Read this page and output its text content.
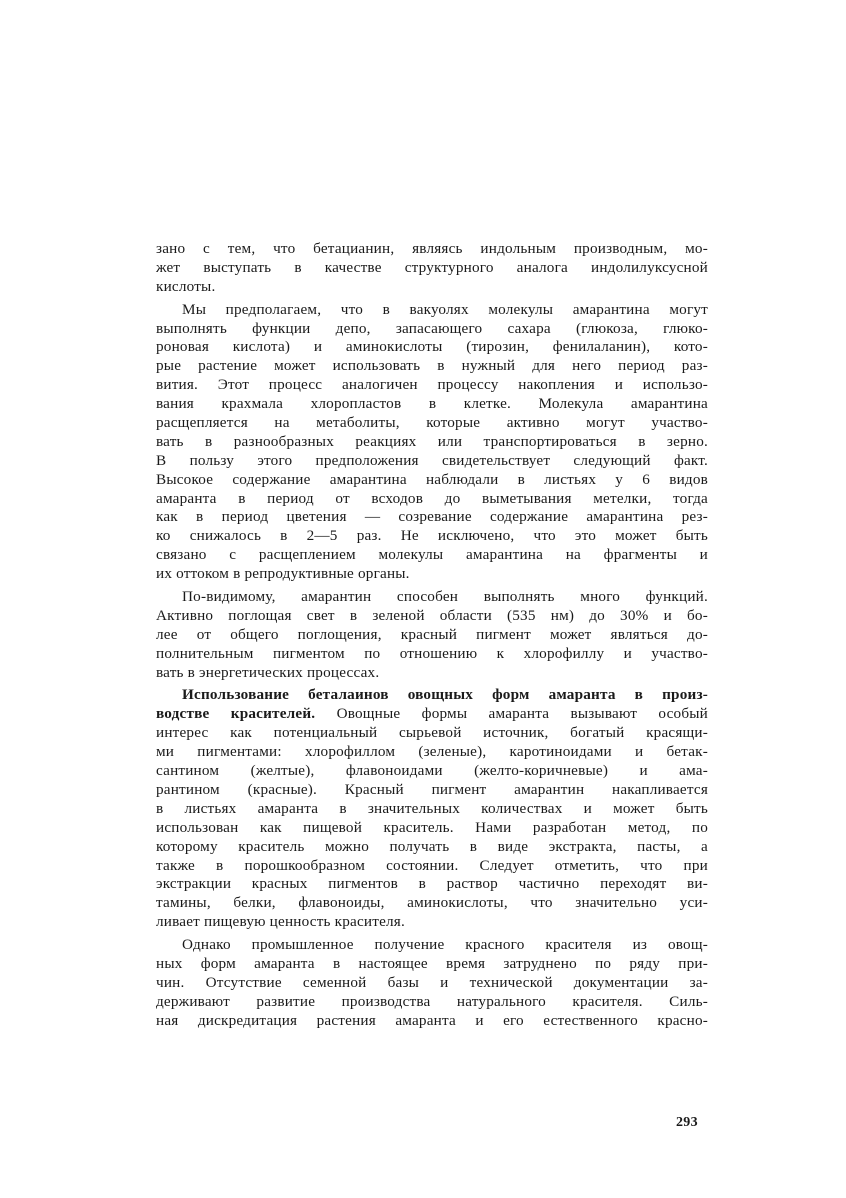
зано с тем, что бетацианин, являясь индольным производным, мо-
жет выступать в качестве структурного аналога индолилуксусной
кислоты.
Мы предполагаем, что в вакуолях молекулы амарантина могут
выполнять функции депо, запасающего сахара (глюкоза, глюко-
роновая кислота) и аминокислоты (тирозин, фенилаланин), кото-
рые растение может использовать в нужный для него период раз-
вития. Этот процесс аналогичен процессу накопления и использо-
вания крахмала хлоропластов в клетке. Молекула амарантина
расщепляется на метаболиты, которые активно могут участво-
вать в разнообразных реакциях или транспортироваться в зерно.
В пользу этого предположения свидетельствует следующий факт.
Высокое содержание амарантина наблюдали в листьях у 6 видов
амаранта в период от всходов до выметывания метелки, тогда
как в период цветения — созревание содержание амарантина рез-
ко снижалось в 2—5 раз. Не исключено, что это может быть
связано с расщеплением молекулы амарантина на фрагменты и
их оттоком в репродуктивные органы.
По-видимому, амарантин способен выполнять много функций.
Активно поглощая свет в зеленой области (535 нм) до 30% и бо-
лее от общего поглощения, красный пигмент может являться до-
полнительным пигментом по отношению к хлорофиллу и участво-
вать в энергетических процессах.
Использование беталаинов овощных форм амаранта в произ-
водстве красителей. Овощные формы амаранта вызывают особый
интерес как потенциальный сырьевой источник, богатый красящи-
ми пигментами: хлорофиллом (зеленые), каротиноидами и бетак-
сантином (желтые), флавоноидами (желто-коричневые) и ама-
рантином (красные). Красный пигмент амарантин накапливается
в листьях амаранта в значительных количествах и может быть
использован как пищевой краситель. Нами разработан метод, по
которому краситель можно получать в виде экстракта, пасты, а
также в порошкообразном состоянии. Следует отметить, что при
экстракции красных пигментов в раствор частично переходят ви-
тамины, белки, флавоноиды, аминокислоты, что значительно уси-
ливает пищевую ценность красителя.
Однако промышленное получение красного красителя из овощ-
ных форм амаранта в настоящее время затруднено по ряду при-
чин. Отсутствие семенной базы и технической документации за-
держивают развитие производства натурального красителя. Силь-
ная дискредитация растения амаранта и его естественного красно-
293
